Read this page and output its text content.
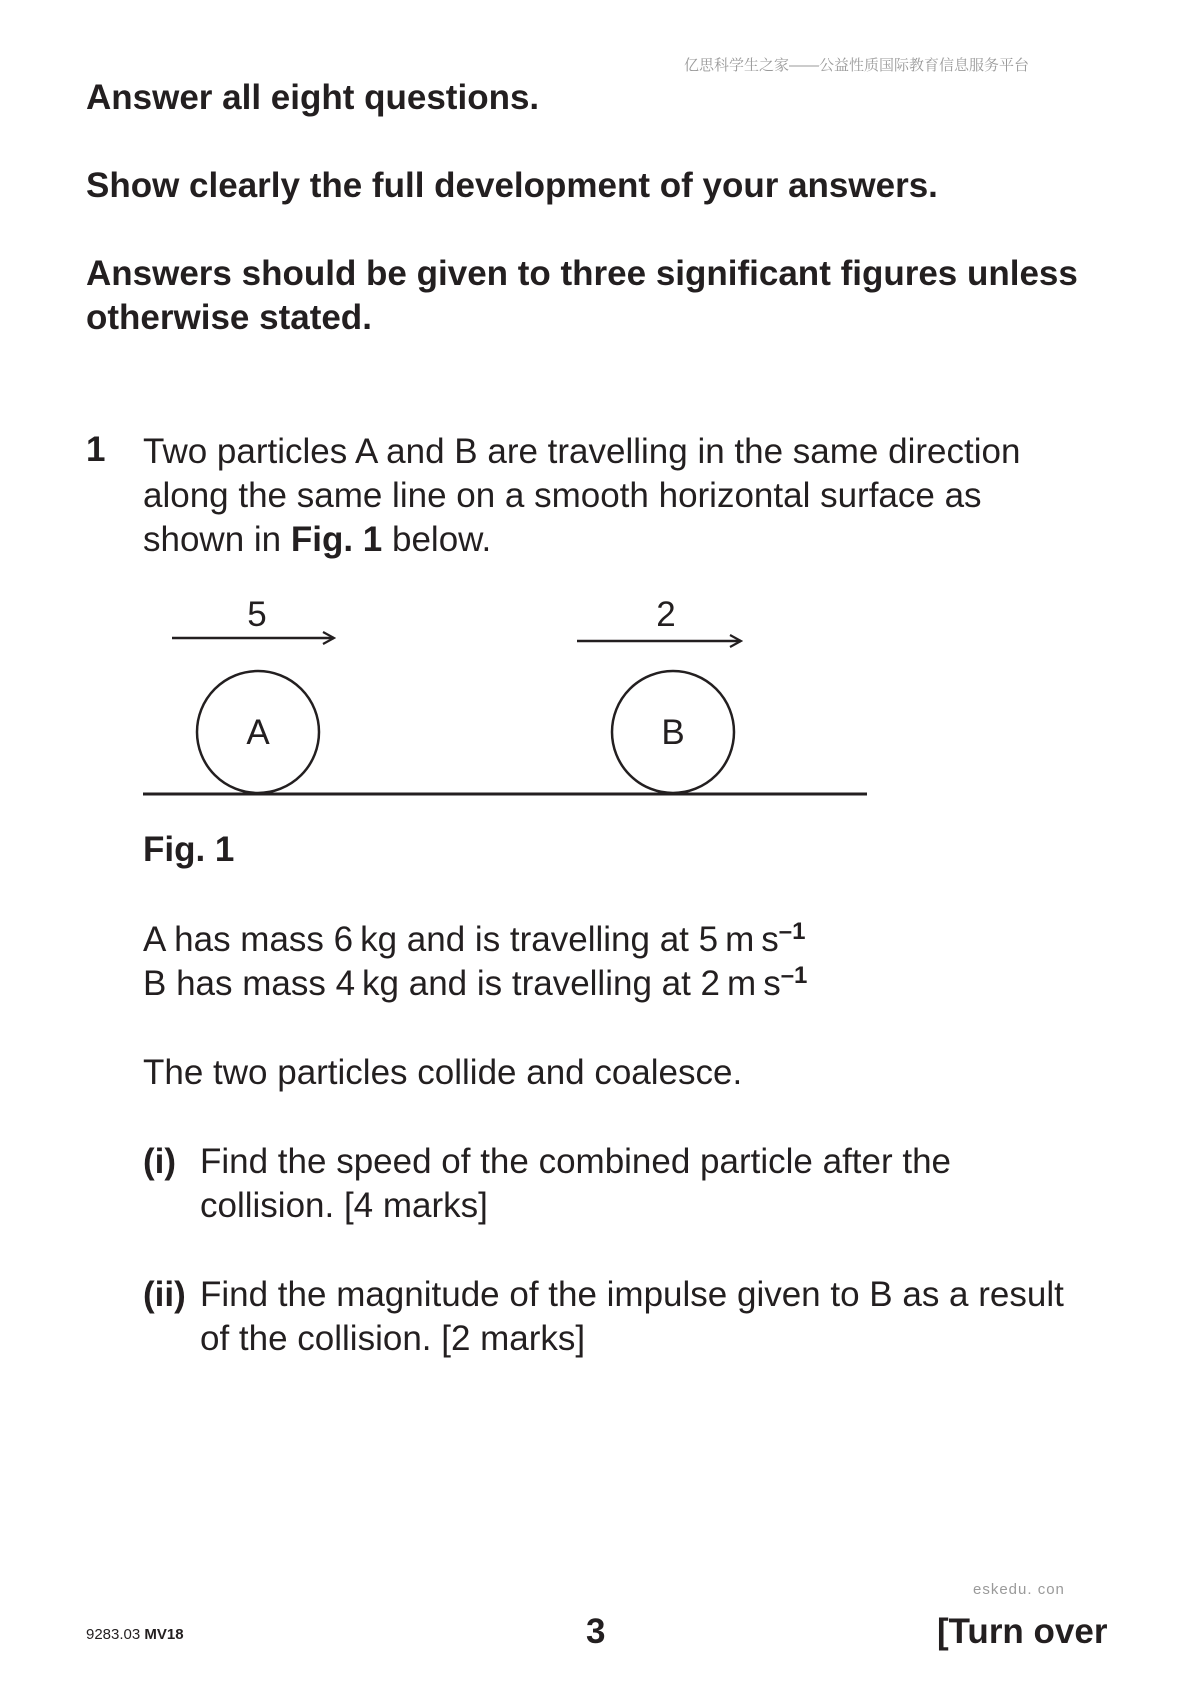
亿思科学生之家——公益性质国际教育信息服务平台
Answer all eight questions.
Show clearly the full development of your answers.
Answers should be given to three significant figures unless otherwise stated.
1 Two particles A and B are travelling in the same direction
along the same line on a smooth horizontal surface as
shown in Fig. 1 below.
5	2
A	B
Fig. 1
A has mass 6 kg and is travelling at 5 m $s^{-1}$
B has mass 4 kg and is travelling at 2 m $s^{-1}$
The two particles collide and coalesce.
(i) Find the speed of the combined particle after the
collision. [4 marks]
(ii) Find the magnitude of the impulse given to B as a result
of the collision. [2 marks]
eskedu. con
9283.03 MV18	3	[Turn over
